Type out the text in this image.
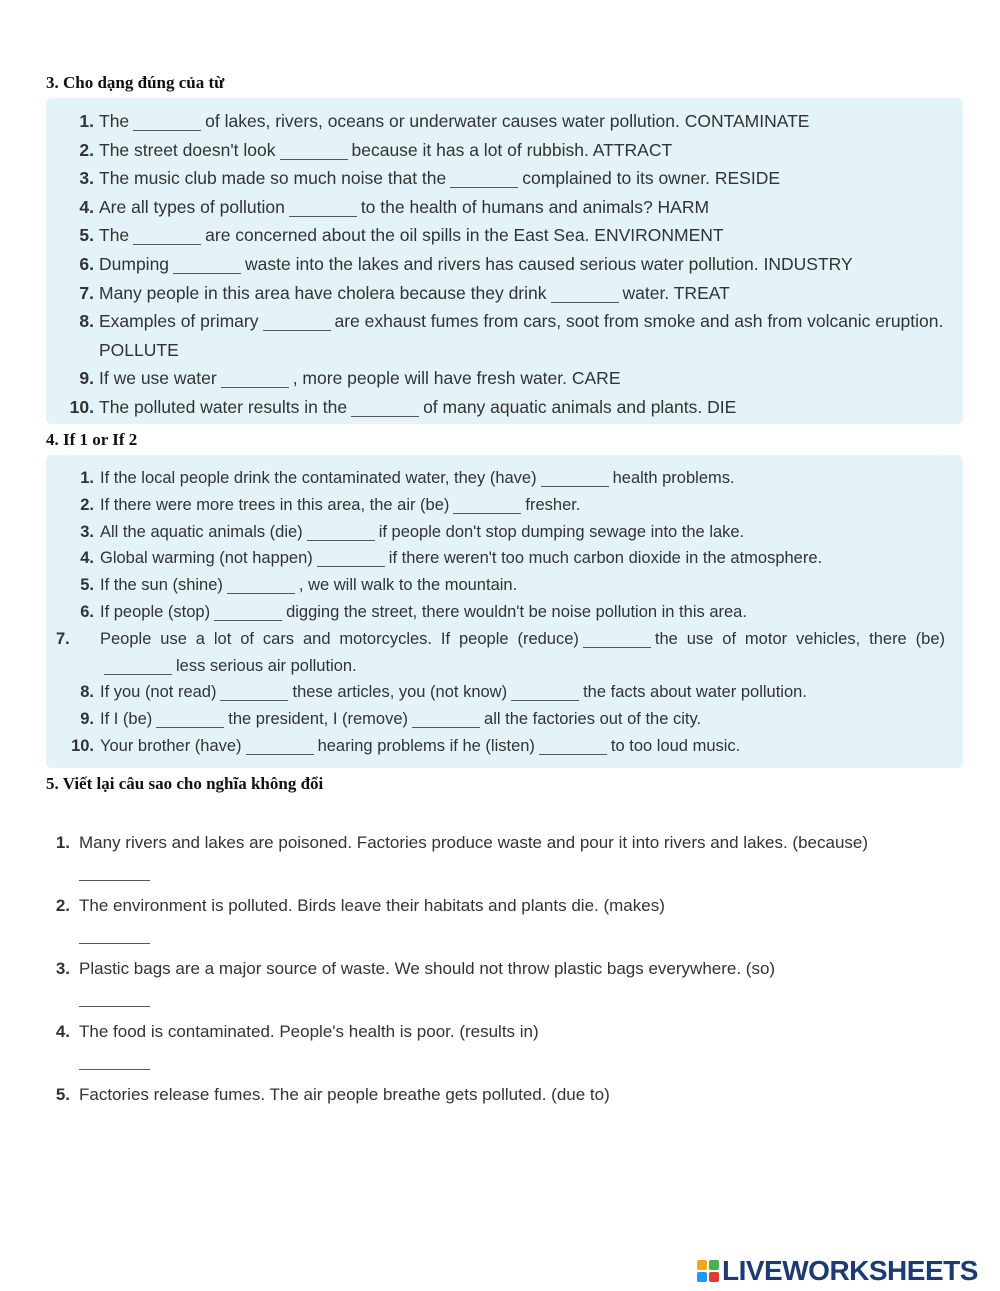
3. Cho dạng đúng của từ
1. The	of lakes, rivers, oceans or underwater causes water pollution. CONTAMINATE
2. The street doesn't look	because it has a lot of rubbish. ATTRACT
3. The music club made so much noise that the	complained to its owner. RESIDE
4. Are all types of pollution	to the health of humans and animals? HARM
5. The	are concerned about the oil spills in the East Sea. ENVIRONMENT
6. Dumping	waste into the lakes and rivers has caused serious water pollution. INDUSTRY
7. Many people in this area have cholera because they drink	water. TREAT
8. Examples of primary	are exhaust fumes from cars, soot from smoke and ash from volcanic eruption. POLLUTE
9. If we use water	, more people will have fresh water. CARE
10. The polluted water results in the	of many aquatic animals and plants. DIE
4. If 1 or If 2
1. If the local people drink the contaminated water, they (have)	health problems.
2. If there were more trees in this area, the air (be)	fresher.
3. All the aquatic animals (die)	if people don't stop dumping sewage into the lake.
4. Global warming (not happen)	if there weren't too much carbon dioxide in the atmosphere.
5. If the sun (shine)	, we will walk to the mountain.
6. If people (stop)	digging the street, there wouldn't be noise pollution in this area.
7.	People use a lot of cars and motorcycles. If people (reduce)	the use of motor vehicles, there (be)less serious air pollution.
8. If you (not read)	these articles, you (not know)	the facts about water pollution.
9. If I (be)	the president, I (remove)	all the factories out of the city.
10. Your brother (have)	hearing problems if he (listen)	to too loud music.
5. Viết lại câu sao cho nghĩa không đổi
1. Many rivers and lakes are poisoned. Factories produce waste and pour it into rivers and lakes. (because)
2. The environment is polluted. Birds leave their habitats and plants die. (makes)
3. Plastic bags are a major source of waste. We should not throw plastic bags everywhere. (so)
4. The food is contaminated. People's health is poor. (results in)
5. Factories release fumes. The air people breathe gets polluted. (due to)
LIVEWORKSHEETS
